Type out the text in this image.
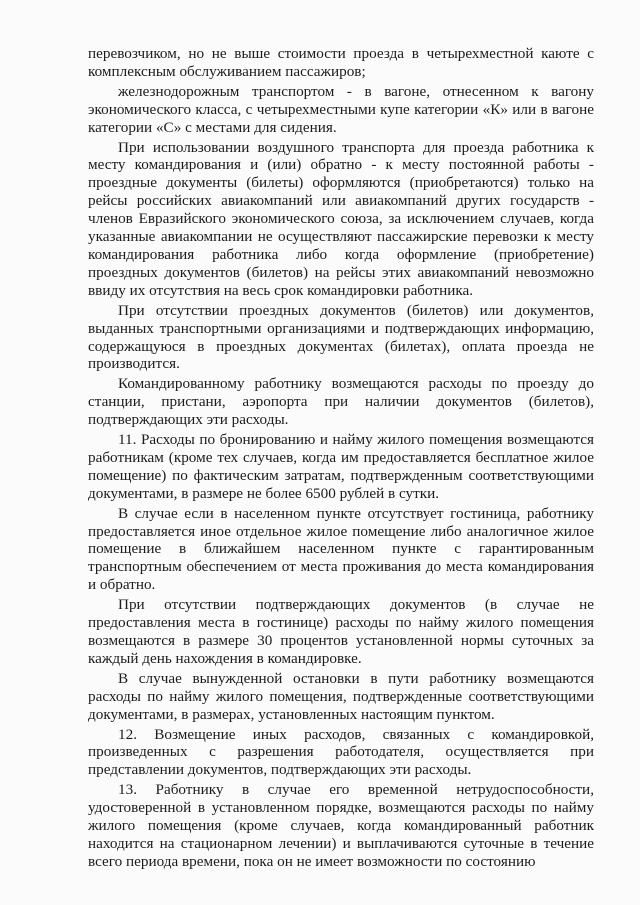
перевозчиком, но не выше стоимости проезда в четырехместной каюте с комплексным обслуживанием пассажиров;

железнодорожным транспортом - в вагоне, отнесенном к вагону экономического класса, с четырехместными купе категории «К» или в вагоне категории «С» с местами для сидения.

При использовании воздушного транспорта для проезда работника к месту командирования и (или) обратно - к месту постоянной работы - проездные документы (билеты) оформляются (приобретаются) только на рейсы российских авиакомпаний или авиакомпаний других государств - членов Евразийского экономического союза, за исключением случаев, когда указанные авиакомпании не осуществляют пассажирские перевозки к месту командирования работника либо когда оформление (приобретение) проездных документов (билетов) на рейсы этих авиакомпаний невозможно ввиду их отсутствия на весь срок командировки работника.

При отсутствии проездных документов (билетов) или документов, выданных транспортными организациями и подтверждающих информацию, содержащуюся в проездных документах (билетах), оплата проезда не производится.

Командированному работнику возмещаются расходы по проезду до станции, пристани, аэропорта при наличии документов (билетов), подтверждающих эти расходы.

11. Расходы по бронированию и найму жилого помещения возмещаются работникам (кроме тех случаев, когда им предоставляется бесплатное жилое помещение) по фактическим затратам, подтвержденным соответствующими документами, в размере не более 6500 рублей в сутки.

В случае если в населенном пункте отсутствует гостиница, работнику предоставляется иное отдельное жилое помещение либо аналогичное жилое помещение в ближайшем населенном пункте с гарантированным транспортным обеспечением от места проживания до места командирования и обратно.

При отсутствии подтверждающих документов (в случае не предоставления места в гостинице) расходы по найму жилого помещения возмещаются в размере 30 процентов установленной нормы суточных за каждый день нахождения в командировке.

В случае вынужденной остановки в пути работнику возмещаются расходы по найму жилого помещения, подтвержденные соответствующими документами, в размерах, установленных настоящим пунктом.

12. Возмещение иных расходов, связанных с командировкой, произведенных с разрешения работодателя, осуществляется при представлении документов, подтверждающих эти расходы.

13. Работнику в случае его временной нетрудоспособности, удостоверенной в установленном порядке, возмещаются расходы по найму жилого помещения (кроме случаев, когда командированный работник находится на стационарном лечении) и выплачиваются суточные в течение всего периода времени, пока он не имеет возможности по состоянию
